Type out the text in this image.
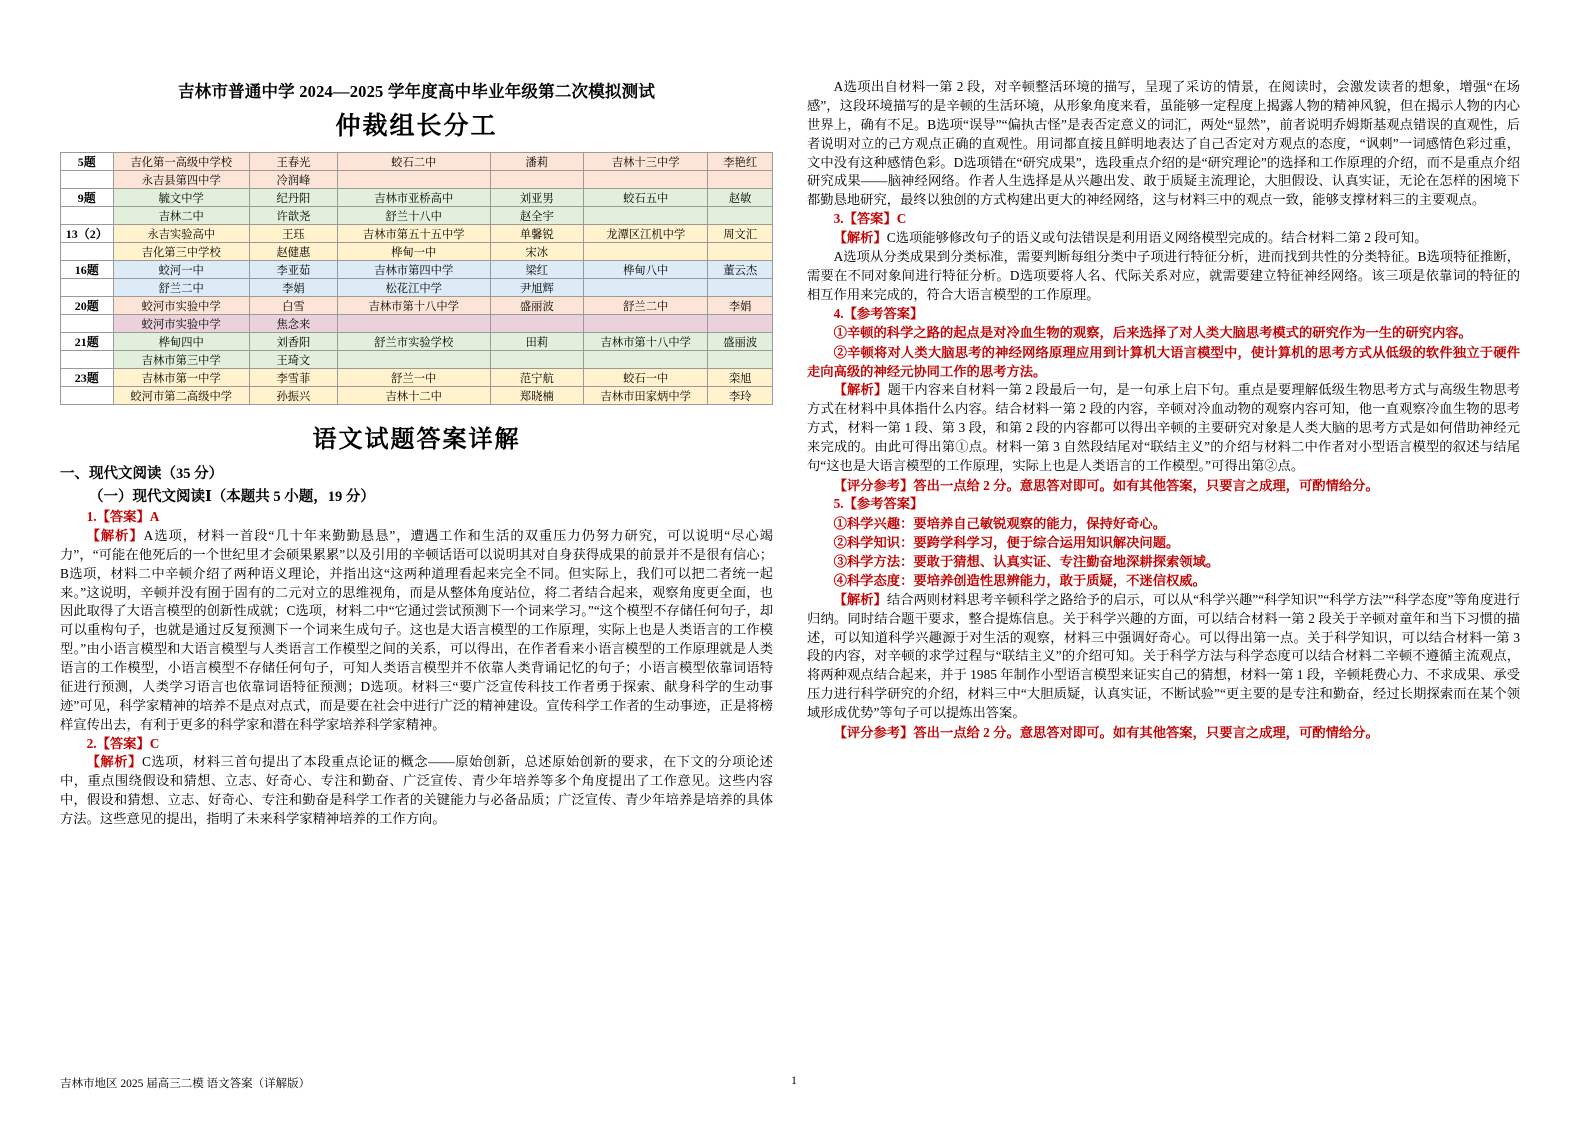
吉林市普通中学 2024—2025 学年度高中毕业年级第二次模拟测试
仲裁组长分工
5题	吉化第一高级中学校	王春光	蛟石二中	潘莉	吉林十三中学	李艳红
	永吉县第四中学	冷润峰				
9题	毓文中学	纪丹阳	吉林市亚桥高中	刘亚男	蛟石五中	赵敏
	吉林二中	许歆尧	舒兰十八中	赵全宇		
13（2）	永吉实验高中	王珏	吉林市第五十五中学	单馨锐	龙潭区江机中学	周文汇
	吉化第三中学校	赵健惠	桦甸一中	宋冰		
16题	蛟河一中	李亚茹	吉林市第四中学	梁红	桦甸八中	董云杰
	舒兰二中	李娟	松花江中学	尹旭辉		
20题	蛟河市实验中学	白雪	吉林市第十八中学	盛丽波	舒兰二中	李娟
	蛟河市实验中学	焦念来				
21题	桦甸四中	刘香阳	舒兰市实验学校	田莉	吉林市第十八中学	盛丽波
	吉林市第三中学	王琦文				
23题	吉林市第一中学	李雪菲	舒兰一中	范宁航	蛟石一中	栾旭
	蛟河市第二高级中学	孙振兴	吉林十二中	郑晓楠	吉林市田家炳中学	李玲
语文试题答案详解
一、现代文阅读（35 分）
（一）现代文阅读Ⅰ（本题共 5 小题，19 分）

1.【答案】A

【解析】A选项，材料一首段“几十年来勤勤恳恳”，遭遇工作和生活的双重压力仍努力研究，可以说明“尽心竭力”，“可能在他死后的一个世纪里才会硕果累累”以及引用的辛顿话语可以说明其对自身获得成果的前景并不是很有信心；B选项，材料二中辛顿介绍了两种语义理论，并指出这“这两种道理看起来完全不同。但实际上，我们可以把二者统一起来。”这说明，辛顿并没有囿于固有的二元对立的思维视角，而是从整体角度站位，将二者结合起来，观察角度更全面，也因此取得了大语言模型的创新性成就；C选项，材料二中“它通过尝试预测下一个词来学习。”“这个模型不存储任何句子，却可以重构句子，也就是通过反复预测下一个词来生成句子。这也是大语言模型的工作原理，实际上也是人类语言的工作模型。”由小语言模型和大语言模型与人类语言工作模型之间的关系，可以得出，在作者看来小语言模型的工作原理就是人类语言的工作模型，小语言模型不存储任何句子，可知人类语言模型并不依靠人类背诵记忆的句子；小语言模型依靠词语特征进行预测，人类学习语言也依靠词语特征预测；D选项。材料三“要广泛宣传科技工作者勇于探索、献身科学的生动事迹”可见，科学家精神的培养不是点对点式，而是要在社会中进行广泛的精神建设。宣传科学工作者的生动事迹，正是将榜样宣传出去，有利于更多的科学家和潜在科学家培养科学家精神。

2.【答案】C

【解析】C选项，材料三首句提出了本段重点论证的概念——原始创新，总述原始创新的要求，在下文的分项论述中，重点围绕假设和猜想、立志、好奇心、专注和勤奋、广泛宣传、青少年培养等多个角度提出了工作意见。这些内容中，假设和猜想、立志、好奇心、专注和勤奋是科学工作者的关键能力与必备品质；广泛宣传、青少年培养是培养的具体方法。这些意见的提出，指明了未来科学家精神培养的工作方向。

A选项出自材料一第 2 段，对辛顿整活环境的描写，呈现了采访的情景，在阅读时，会激发读者的想象，增强“在场感”，这段环境描写的是辛顿的生活环境，从形象角度来看，虽能够一定程度上揭露人物的精神风貌，但在揭示人物的内心世界上，确有不足。B选项“误导”“偏执古怪”是表否定意义的词汇，两处“显然”，前者说明乔姆斯基观点错误的直观性，后者说明对立的己方观点正确的直观性。用词都直接且鲜明地表达了自己否定对方观点的态度，“讽刺”一词感情色彩过重，文中没有这种感情色彩。D选项错在“研究成果”，选段重点介绍的是“研究理论”的选择和工作原理的介绍，而不是重点介绍研究成果——脑神经网络。作者人生选择是从兴趣出发、敢于质疑主流理论，大胆假设、认真实证，无论在怎样的困境下都勤恳地研究，最终以独创的方式构建出更大的神经网络，这与材料三中的观点一致，能够支撑材料三的主要观点。

3.【答案】C

【解析】C选项能够修改句子的语义或句法错误是利用语义网络模型完成的。结合材料二第 2 段可知。

A选项从分类成果到分类标准，需要判断每组分类中子项进行特征分析，进而找到共性的分类特征。B选项特征推断，需要在不同对象间进行特征分析。D选项要将人名、代际关系对应，就需要建立特征神经网络。该三项是依靠词的特征的相互作用来完成的，符合大语言模型的工作原理。

4.【参考答案】

①辛顿的科学之路的起点是对冷血生物的观察，后来选择了对人类大脑思考模式的研究作为一生的研究内容。

②辛顿将对人类大脑思考的神经网络原理应用到计算机大语言模型中，使计算机的思考方式从低级的软件独立于硬件走向高级的神经元协同工作的思考方法。

【解析】题干内容来自材料一第 2 段最后一句，是一句承上启下句。重点是要理解低级生物思考方式与高级生物思考方式在材料中具体指什么内容。结合材料一第 2 段的内容，辛顿对冷血动物的观察内容可知，他一直观察冷血生物的思考方式，材料一第 1 段、第 3 段，和第 2 段的内容都可以得出辛顿的主要研究对象是人类大脑的思考方式是如何借助神经元来完成的。由此可得出第①点。材料一第 3 自然段结尾对“联结主义”的介绍与材料二中作者对小型语言模型的叙述与结尾句“这也是大语言模型的工作原理，实际上也是人类语言的工作模型。”可得出第②点。

【评分参考】答出一点给 2 分。意思答对即可。如有其他答案，只要言之成理，可酌情给分。

5.【参考答案】

①科学兴趣：要培养自己敏锐观察的能力，保持好奇心。

②科学知识：要跨学科学习，便于综合运用知识解决问题。

③科学方法：要敢于猜想、认真实证、专注勤奋地深耕探索领域。

④科学态度：要培养创造性思辨能力，敢于质疑，不迷信权威。

【解析】结合两则材料思考辛顿科学之路给予的启示，可以从“科学兴趣”“科学知识”“科学方法”“科学态度”等角度进行归纳。同时结合题干要求，整合提炼信息。关于科学兴趣的方面，可以结合材料一第 2 段关于辛顿对童年和当下习惯的描述，可以知道科学兴趣源于对生活的观察，材料三中强调好奇心。可以得出第一点。关于科学知识，可以结合材料一第 3 段的内容，对辛顿的求学过程与“联结主义”的介绍可知。关于科学方法与科学态度可以结合材料二辛顿不遵循主流观点，将两种观点结合起来，并于 1985 年制作小型语言模型来证实自己的猜想，材料一第 1 段，辛顿耗费心力、不求成果、承受压力进行科学研究的介绍，材料三中“大胆质疑，认真实证，不断试验”“更主要的是专注和勤奋，经过长期探索而在某个领域形成优势”等句子可以提炼出答案。

【评分参考】答出一点给 2 分。意思答对即可。如有其他答案，只要言之成理，可酌情给分。

吉林市地区 2025 届高三二模 语文答案（详解版）	1
